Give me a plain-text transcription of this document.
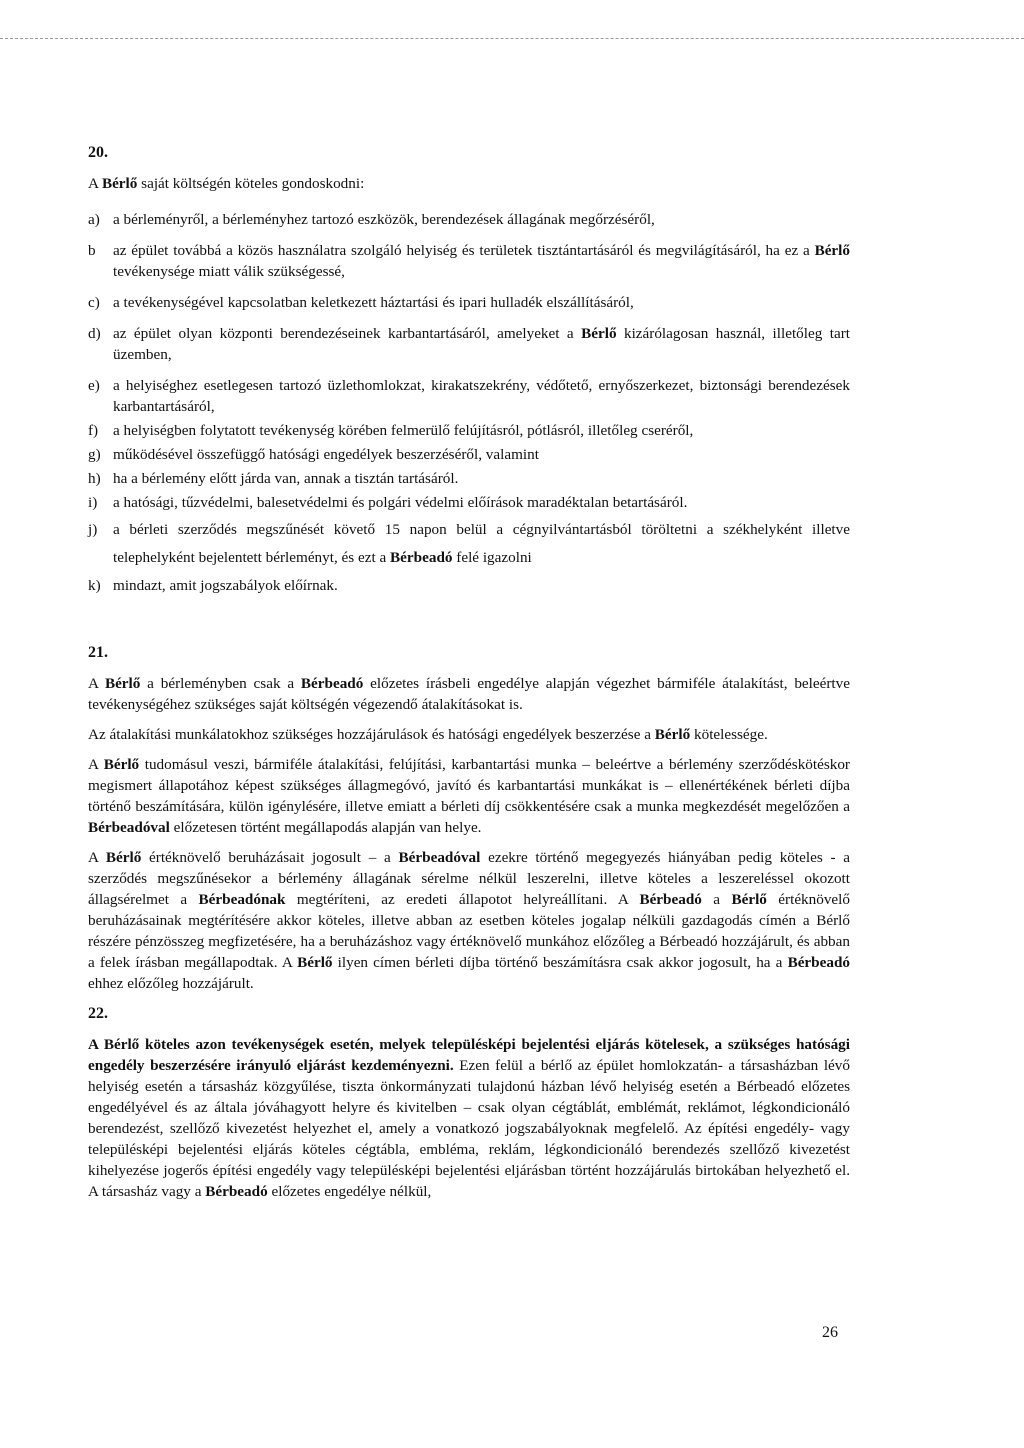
20.
A Bérlő saját költségén köteles gondoskodni:
a) a bérleményről, a bérleményhez tartozó eszközök, berendezések állagának megőrzéséről,
b	az épület továbbá a közös használatra szolgáló helyiség és területek tisztántartásáról és megvilágításáról, ha ez a Bérlő tevékenysége miatt válik szükségessé,
c) a tevékenységével kapcsolatban keletkezett háztartási és ipari hulladék elszállításáról,
d) az épület olyan központi berendezéseinek karbantartásáról, amelyeket a Bérlő kizárólagosan használ, illetőleg tart üzemben,
e) a helyiséghez esetlegesen tartozó üzlethomlokzat, kirakatszekrény, védőtető, ernyőszerkezet, biztonsági berendezések karbantartásáról,
f) a helyiségben folytatott tevékenység körében felmerülő felújításról, pótlásról, illetőleg cseréről,
g) működésével összefüggő hatósági engedélyek beszerzéséről, valamint
h) ha a bérlemény előtt járda van, annak a tisztán tartásáról.
i)	a hatósági, tűzvédelmi, balesetvédelmi és polgári védelmi előírások maradéktalan betartásáról.
j)	a bérleti szerződés megszűnését követő 15 napon belül a cégnyilvántartásból töröltetni a székhelyként illetve telephelyként bejelentett bérleményt, és ezt a Bérbeadó felé igazolni
k) mindazt, amit jogszabályok előírnak.
21.
A Bérlő a bérleményben csak a Bérbeadó előzetes írásbeli engedélye alapján végezhet bármiféle átalakítást, beleértve tevékenységéhez szükséges saját költségén végezendő átalakításokat is.
Az átalakítási munkálatokhoz szükséges hozzájárulások és hatósági engedélyek beszerzése a Bérlő kötelessége.
A Bérlő tudomásul veszi, bármiféle átalakítási, felújítási, karbantartási munka – beleértve a bérlemény szerződéskötéskor megismert állapotához képest szükséges állagmegóvó, javító és karbantartási munkákat is – ellenértékének bérleti díjba történő beszámítására, külön igénylésére, illetve emiatt a bérleti díj csökkentésére csak a munka megkezdését megelőzően a Bérbeadóval előzetesen történt megállapodás alapján van helye.
A Bérlő értéknövelő beruházásait jogosult – a Bérbeadóval ezekre történő megegyezés hiányában pedig köteles - a szerződés megszűnésekor a bérlemény állagának sérelme nélkül leszerelni, illetve köteles a leszereléssel okozott állagsérelmet a Bérbeadónak megtéríteni, az eredeti állapotot helyreállítani. A Bérbeadó a Bérlő értéknövelő beruházásainak megtérítésére akkor köteles, illetve abban az esetben köteles jogalap nélküli gazdagodás címén a Bérlő részére pénzösszeg megfizetésére, ha a beruházáshoz vagy értéknövelő munkához előzőleg a Bérbeadó hozzájárult, és abban a felek írásban megállapodtak. A Bérlő ilyen címen bérleti díjba történő beszámításra csak akkor jogosult, ha a Bérbeadó ehhez előzőleg hozzájárult.
22.
A Bérlő köteles azon tevékenységek esetén, melyek településképi bejelentési eljárás kötelesek, a szükséges hatósági engedély beszerzésére irányuló eljárást kezdeményezni. Ezen felül a bérlő az épület homlokzatán- a társasházban lévő helyiség esetén a társasház közgyűlése, tiszta önkormányzati tulajdonú házban lévő helyiség esetén a Bérbeadó előzetes engedélyével és az általa jóváhagyott helyre és kivitelben – csak olyan cégtáblát, emblémát, reklámot, légkondicionáló berendezést, szellőző kivezetést helyezhet el, amely a vonatkozó jogszabályoknak megfelelő. Az építési engedély- vagy településképi bejelentési eljárás köteles cégtábla, embléma, reklám, légkondicionáló berendezés szellőző kivezetést kihelyezése jogerős építési engedély vagy településképi bejelentési eljárásban történt hozzájárulás birtokában helyezhető el. A társasház vagy a Bérbeadó előzetes engedélye nélkül,
26
